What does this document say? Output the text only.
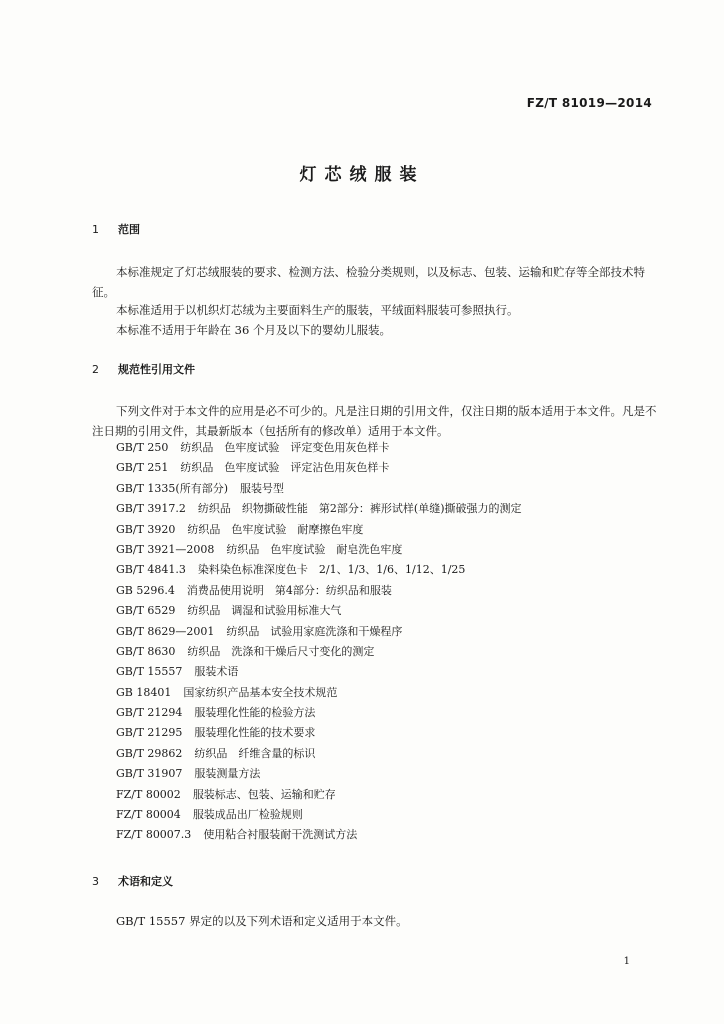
FZ/T 81019—2014
灯芯绒服装
1 范围

本标准规定了灯芯绒服装的要求、检测方法、检验分类规则，以及标志、包装、运输和贮存等全部技术特征。

本标准适用于以机织灯芯绒为主要面料生产的服装，平绒面料服装可参照执行。

本标准不适用于年龄在 36 个月及以下的婴幼儿服装。

2 规范性引用文件

下列文件对于本文件的应用是必不可少的。凡是注日期的引用文件，仅注日期的版本适用于本文件。凡是不注日期的引用文件，其最新版本（包括所有的修改单）适用于本文件。

GB/T 250 纺织品　色牢度试验　评定变色用灰色样卡
GB/T 251 纺织品　色牢度试验　评定沾色用灰色样卡
GB/T 1335(所有部分) 服装号型
GB/T 3917.2 纺织品　织物撕破性能　第2部分：裤形试样(单缝)撕破强力的测定
GB/T 3920 纺织品　色牢度试验　耐摩擦色牢度
GB/T 3921—2008 纺织品　色牢度试验　耐皂洗色牢度
GB/T 4841.3 染料染色标准深度色卡　2/1、1/3、1/6、1/12、1/25
GB 5296.4 消费品使用说明　第4部分：纺织品和服装
GB/T 6529 纺织品　调湿和试验用标准大气
GB/T 8629—2001 纺织品　试验用家庭洗涤和干燥程序
GB/T 8630 纺织品　洗涤和干燥后尺寸变化的测定
GB/T 15557 服装术语
GB 18401 国家纺织产品基本安全技术规范
GB/T 21294 服装理化性能的检验方法
GB/T 21295 服装理化性能的技术要求
GB/T 29862 纺织品　纤维含量的标识
GB/T 31907 服装测量方法
FZ/T 80002 服装标志、包装、运输和贮存
FZ/T 80004 服装成品出厂检验规则
FZ/T 80007.3 使用粘合衬服装耐干洗测试方法
3 术语和定义

GB/T 15557 界定的以及下列术语和定义适用于本文件。

1
